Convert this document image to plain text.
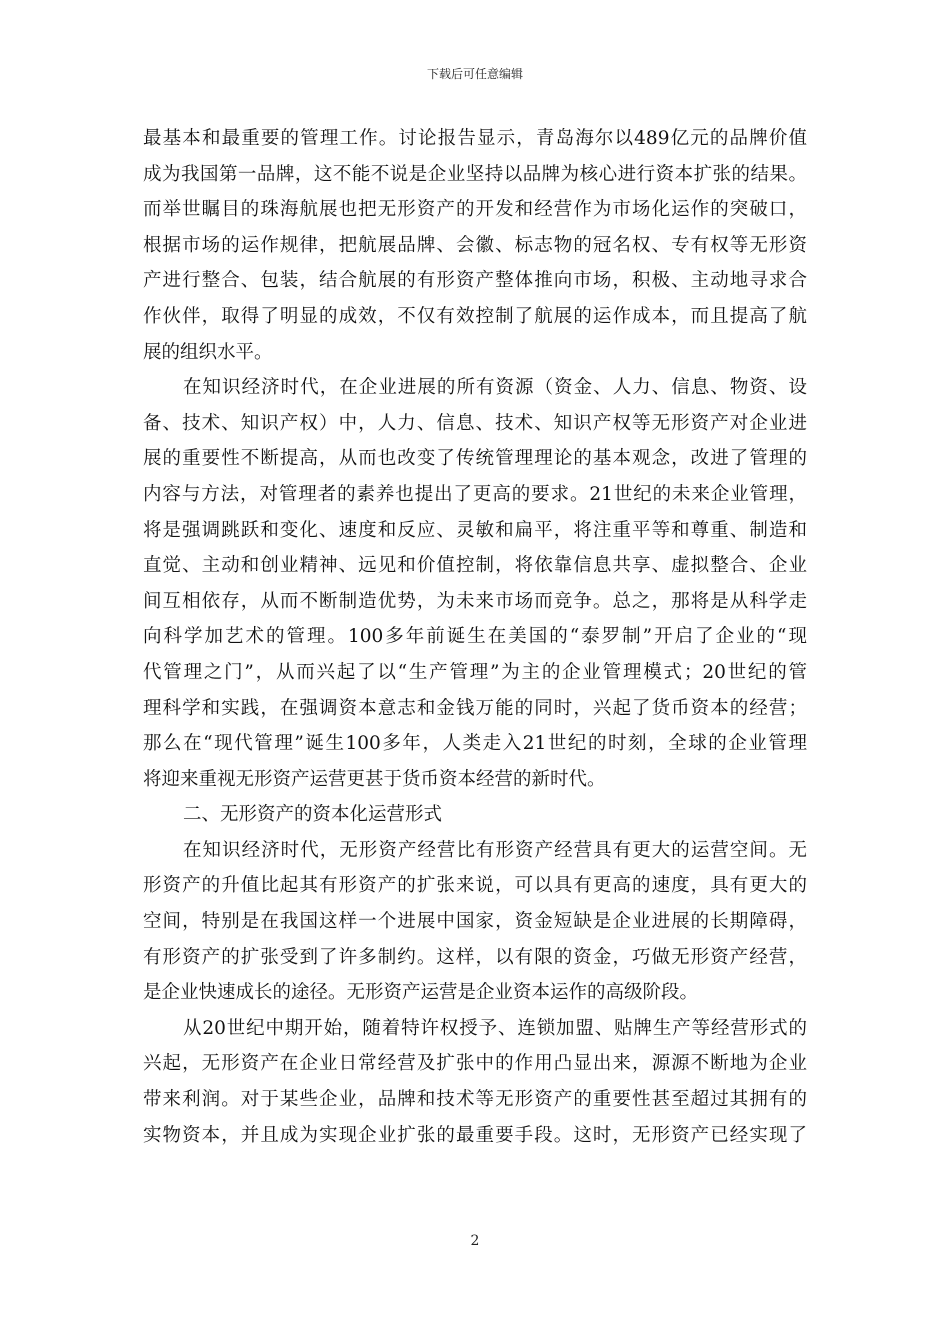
下载后可任意编辑
最基本和最重要的管理工作。讨论报告显示，青岛海尔以489亿元的品牌价值
成为我国第一品牌，这不能不说是企业坚持以品牌为核心进行资本扩张的结果。
而举世瞩目的珠海航展也把无形资产的开发和经营作为市场化运作的突破口，
根据市场的运作规律，把航展品牌、会徽、标志物的冠名权、专有权等无形资
产进行整合、包装，结合航展的有形资产整体推向市场，积极、主动地寻求合
作伙伴，取得了明显的成效，不仅有效控制了航展的运作成本，而且提高了航
展的组织水平。
在知识经济时代，在企业进展的所有资源（资金、人力、信息、物资、设
备、技术、知识产权）中，人力、信息、技术、知识产权等无形资产对企业进
展的重要性不断提高，从而也改变了传统管理理论的基本观念，改进了管理的
内容与方法，对管理者的素养也提出了更高的要求。21世纪的未来企业管理，
将是强调跳跃和变化、速度和反应、灵敏和扁平，将注重平等和尊重、制造和
直觉、主动和创业精神、远见和价值控制，将依靠信息共享、虚拟整合、企业
间互相依存，从而不断制造优势，为未来市场而竞争。总之，那将是从科学走
向科学加艺术的管理。100多年前诞生在美国的“泰罗制”开启了企业的“现
代管理之门”，从而兴起了以“生产管理”为主的企业管理模式；20世纪的管
理科学和实践，在强调资本意志和金钱万能的同时，兴起了货币资本的经营；
那么在“现代管理”诞生100多年，人类走入21世纪的时刻，全球的企业管理
将迎来重视无形资产运营更甚于货币资本经营的新时代。
二、无形资产的资本化运营形式
在知识经济时代，无形资产经营比有形资产经营具有更大的运营空间。无
形资产的升值比起其有形资产的扩张来说，可以具有更高的速度，具有更大的
空间，特别是在我国这样一个进展中国家，资金短缺是企业进展的长期障碍，
有形资产的扩张受到了许多制约。这样，以有限的资金，巧做无形资产经营，
是企业快速成长的途径。无形资产运营是企业资本运作的高级阶段。
从20世纪中期开始，随着特许权授予、连锁加盟、贴牌生产等经营形式的
兴起，无形资产在企业日常经营及扩张中的作用凸显出来，源源不断地为企业
带来利润。对于某些企业，品牌和技术等无形资产的重要性甚至超过其拥有的
实物资本，并且成为实现企业扩张的最重要手段。这时，无形资产已经实现了
2
